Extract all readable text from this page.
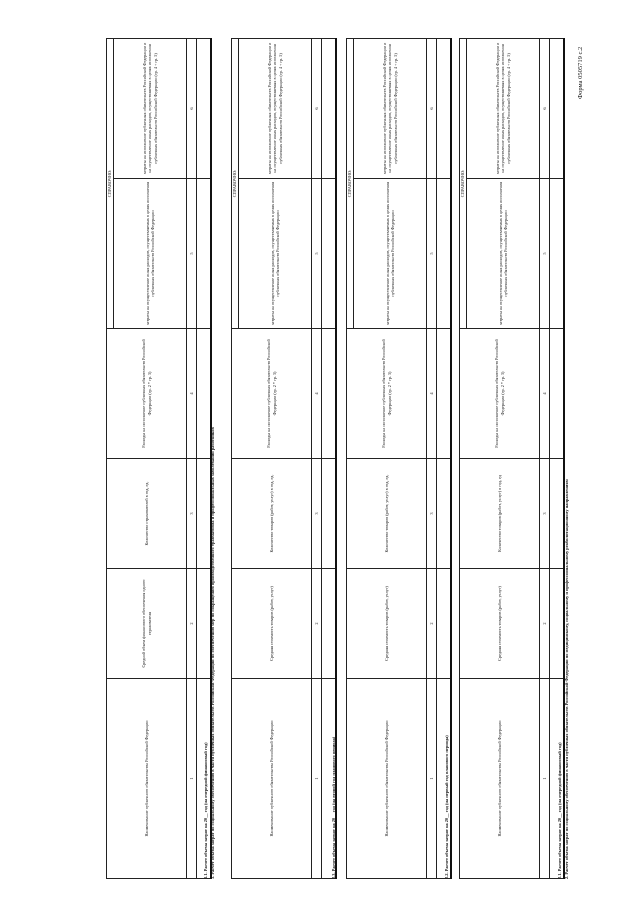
Форма 0505719 с.2
2. Расчет объема затрат по социальному обеспечению в части публичных обязательств Российской Федерации по медицинскому, социальному и профессиональному реабилитационному направлениям
2.1. Расчет объема затрат на 20__ год (на очередной финансовый год)
Наименование публичного обязательства Российской Федерации	Средняя стоимость товаров (работ, услуг)	Количество товаров (работ, услуг) в год, ед	Расходы на исполнение публичных обязательств Российской Федерации (гр. 2 * гр. 3)	СПРАВОЧНО:	
				затраты на осуществление иных расходов, осуществляемых в целях исполнения публичных обязательств Российской Федерации	затраты на исполнение публичных обязательств Российской Федерации и на осуществление иных расходов, осуществляемых в целях исполнения публичных обязательств Российской Федерации (гр. 4 + гр. 5)
1	2	3	4	5	6

2.2. Расчет объема затрат на 20__ год (на первый год планового периода)
Наименование публичного обязательства Российской Федерации	Средняя стоимость товаров (работ, услуг)	Количество товаров (работ, услуг) в год, ед.	Расходы на исполнение публичных обязательств Российской Федерации (гр. 2 * гр. 3)	СПРАВОЧНО:	
				затраты на осуществление иных расходов, осуществляемых в целях исполнения публичных обязательств Российской Федерации	затраты на исполнение публичных обязательств Российской Федерации и на осуществление иных расходов, осуществляемых в целях исполнения публичных обязательств Российской Федерации (гр. 4 + гр. 5)
1	2	3	4	5	6

2.3. Расчет объема затрат на 20__ год (на второй год планового периода)
Наименование публичного обязательства Российской Федерации	Средняя стоимость товаров (работ, услуг)	Количество товаров (работ, услуг) в год, ед.	Расходы на исполнение публичных обязательств Российской Федерации (гр. 2 * гр. 3)	СПРАВОЧНО:	
				затраты на осуществление иных расходов, осуществляемых в целях исполнения публичных обязательств Российской Федерации	затраты на исполнение публичных обязательств Российской Федерации и на осуществление иных расходов, осуществляемых в целях исполнения публичных обязательств Российской Федерации (гр. 4 + гр. 5)
1	2	3	4	5	6

3. Расчет объема затрат по социальному обеспечению в части публичных обязательств Российской Федерации по обеспечению мер по сокращению производственного травматизма и профессиональных заболеваний работников
3.1. Расчет объема затрат на 20__ год (на очередной финансовый год)
Наименование публичного обязательства Российской Федерации	Средний объем финансового обеспечения одного страхователя	Количество страхователей в год, ед.	Расходы на исполнение публичных обязательств Российской Федерации (гр. 2 * гр. 3)	СПРАВОЧНО:	
				затраты на осуществление иных расходов, осуществляемых в целях исполнения публичных обязательств Российской Федерации	затраты на исполнение публичных обязательств Российской Федерации и на осуществление иных расходов, осуществляемых в целях исполнения публичных обязательств Российской Федерации (гр. 4 + гр. 5)
1	2	3	4	5	6
